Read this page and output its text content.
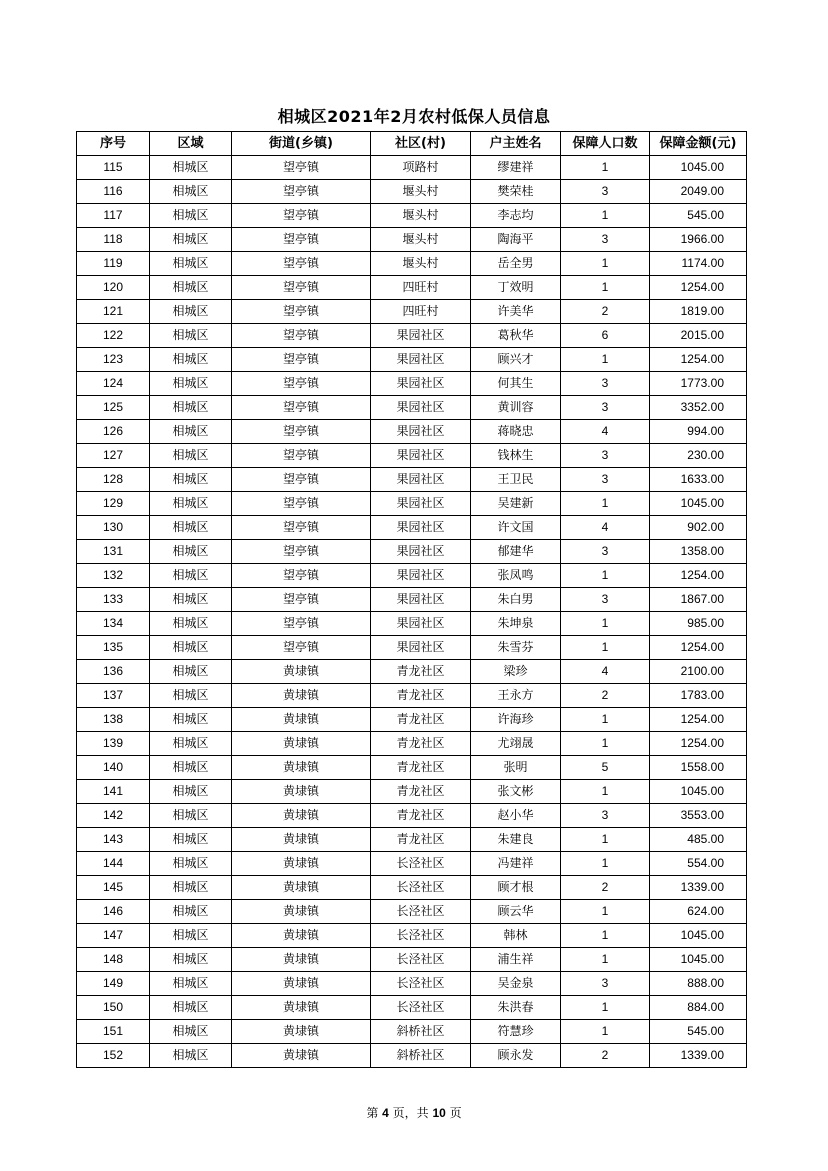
相城区2021年2月农村低保人员信息
序号	区域	街道(乡镇)	社区(村)	户主姓名	保障人口数	保障金额(元)
115	相城区	望亭镇	项路村	缪建祥	1	1045.00
116	相城区	望亭镇	堰头村	樊荣桂	3	2049.00
117	相城区	望亭镇	堰头村	李志均	1	545.00
118	相城区	望亭镇	堰头村	陶海平	3	1966.00
119	相城区	望亭镇	堰头村	岳全男	1	1174.00
120	相城区	望亭镇	四旺村	丁效明	1	1254.00
121	相城区	望亭镇	四旺村	许美华	2	1819.00
122	相城区	望亭镇	果园社区	葛秋华	6	2015.00
123	相城区	望亭镇	果园社区	顾兴才	1	1254.00
124	相城区	望亭镇	果园社区	何其生	3	1773.00
125	相城区	望亭镇	果园社区	黄训容	3	3352.00
126	相城区	望亭镇	果园社区	蒋晓忠	4	994.00
127	相城区	望亭镇	果园社区	钱林生	3	230.00
128	相城区	望亭镇	果园社区	王卫民	3	1633.00
129	相城区	望亭镇	果园社区	吴建新	1	1045.00
130	相城区	望亭镇	果园社区	许文国	4	902.00
131	相城区	望亭镇	果园社区	郁建华	3	1358.00
132	相城区	望亭镇	果园社区	张凤鸣	1	1254.00
133	相城区	望亭镇	果园社区	朱白男	3	1867.00
134	相城区	望亭镇	果园社区	朱坤泉	1	985.00
135	相城区	望亭镇	果园社区	朱雪芬	1	1254.00
136	相城区	黄埭镇	青龙社区	梁珍	4	2100.00
137	相城区	黄埭镇	青龙社区	王永方	2	1783.00
138	相城区	黄埭镇	青龙社区	许海珍	1	1254.00
139	相城区	黄埭镇	青龙社区	尤翊晟	1	1254.00
140	相城区	黄埭镇	青龙社区	张明	5	1558.00
141	相城区	黄埭镇	青龙社区	张文彬	1	1045.00
142	相城区	黄埭镇	青龙社区	赵小华	3	3553.00
143	相城区	黄埭镇	青龙社区	朱建良	1	485.00
144	相城区	黄埭镇	长泾社区	冯建祥	1	554.00
145	相城区	黄埭镇	长泾社区	顾才根	2	1339.00
146	相城区	黄埭镇	长泾社区	顾云华	1	624.00
147	相城区	黄埭镇	长泾社区	韩林	1	1045.00
148	相城区	黄埭镇	长泾社区	浦生祥	1	1045.00
149	相城区	黄埭镇	长泾社区	吴金泉	3	888.00
150	相城区	黄埭镇	长泾社区	朱洪春	1	884.00
151	相城区	黄埭镇	斜桥社区	符慧珍	1	545.00
152	相城区	黄埭镇	斜桥社区	顾永发	2	1339.00
第 4 页，共 10 页
